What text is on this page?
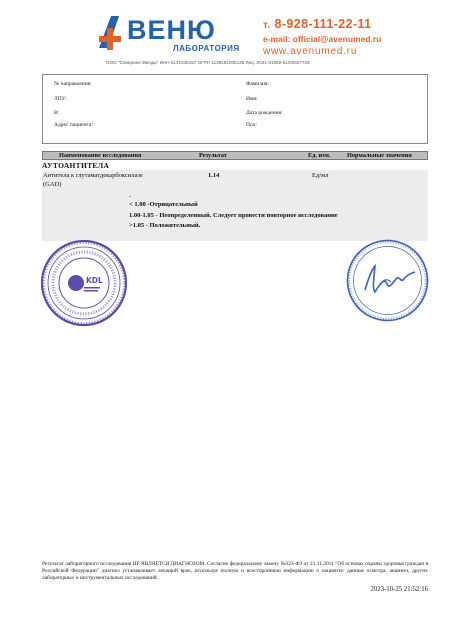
ВЕНЮ
ЛАБОРАТОРИЯ
ООО "Северная Звезда" ИНН 6141045157 ОГРН 1136181005135 Лиц. Л041-01050-61/00327726
т. 8-928-111-22-11
e-mail: official@avenumed.ru
www.avenumed.ru
№ направления:
ЛПУ:
В:
Адрес пациента:
Фамилия:
Имя:
Дата рождения:
Пол:
Наименование исследования	Результат	Ед. изм.	Нормальные значения
АУТОАНТИТЕЛА
Антитела к глутаматдекарбоксилазе
(GAD)
1.14	Ед/мл
.
< 1.00 -Отрицательный
1.00-1.05 - Неопределенный. Следует провести повторное исследование
>1.05 - Положительный.
KDL
Результат лабораторного исследования НЕ ЯВЛЯЕТСЯ ДИАГНОЗОМ. Согласно федеральному закону №323-ФЗ от 21.11.2011 "Об основах охраны здоровья граждан в Российской Федерации" диагноз устанавливает лечащий врач, используя полную и всестороннюю информацию о пациенте: данные осмотра, анамнез, других лабораторных и инструментальных исследований.
2023-10-25 21:52:16
